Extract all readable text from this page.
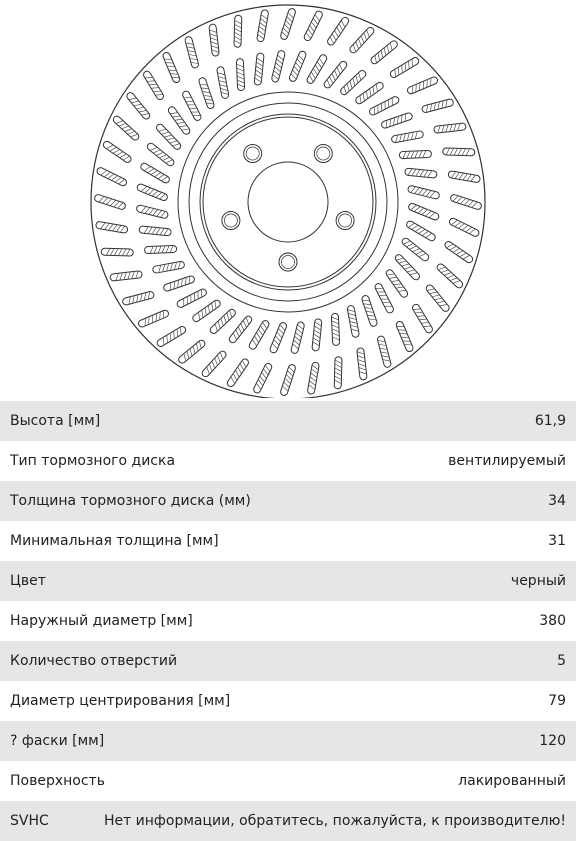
Высота [мм]	61,9
Тип тормозного диска	вентилируемый
Толщина тормозного диска (мм)	34
Минимальная толщина [мм]	31
Цвет	черный
Наружный диаметр [мм]	380
Количество отверстий	5
Диаметр центрирования [мм]	79
? фаски [мм]	120
Поверхность	лакированный
SVHC	Нет информации, обратитесь, пожалуйста, к производителю!
